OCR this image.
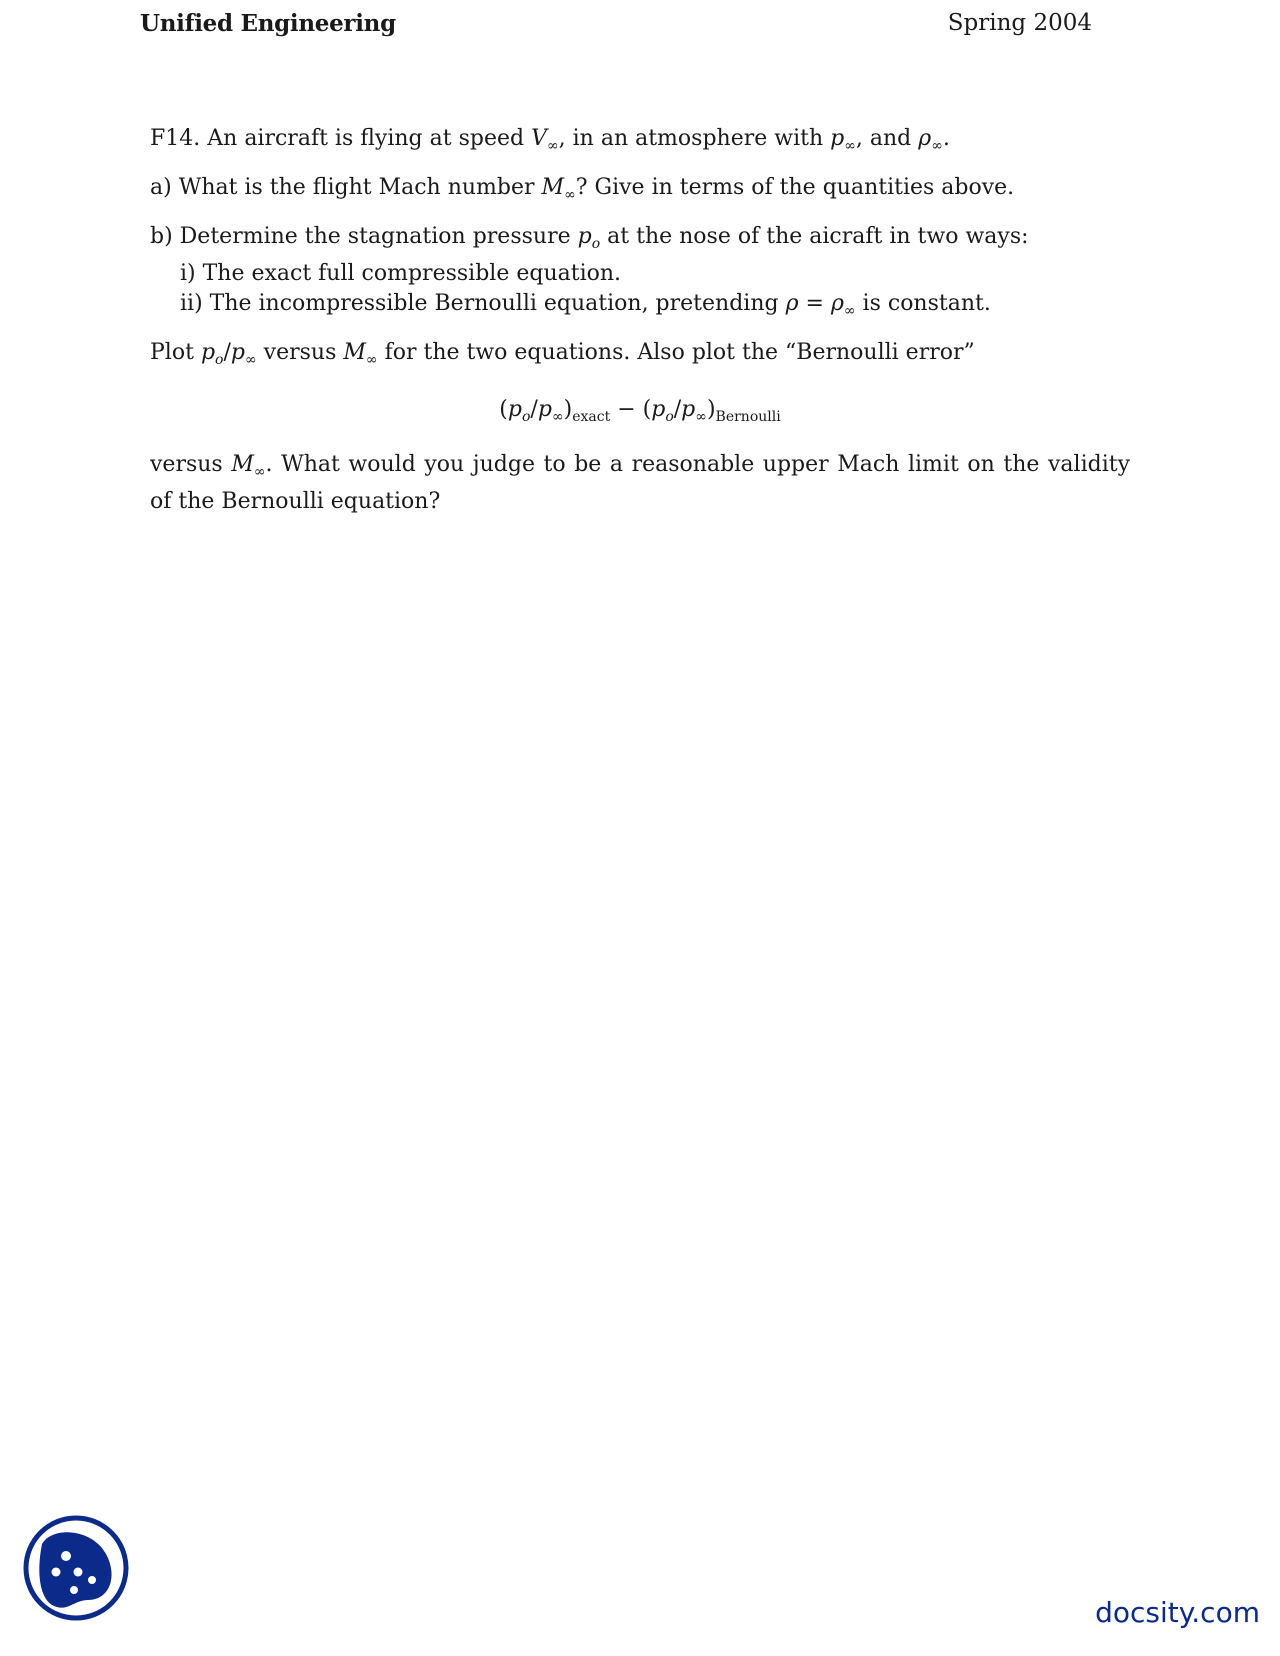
Unified Engineering	Spring 2004
F14. An aircraft is flying at speed $V_\infty$, in an atmosphere with $p_\infty$, and $\rho_\infty$.
a) What is the flight Mach number $M_\infty$? Give in terms of the quantities above.
b) Determine the stagnation pressure $p_o$ at the nose of the aicraft in two ways:
i) The exact full compressible equation.
ii) The incompressible Bernoulli equation, pretending $\rho = \rho_\infty$ is constant.
Plot $p_o/p_\infty$ versus $M_\infty$ for the two equations. Also plot the “Bernoulli error”
$(p_o/p_\infty)_{exact} - (p_o/p_\infty)_{Bernoulli}$
versus $M_\infty$. What would you judge to be a reasonable upper Mach limit on the validity of the Bernoulli equation?
docsity.com
